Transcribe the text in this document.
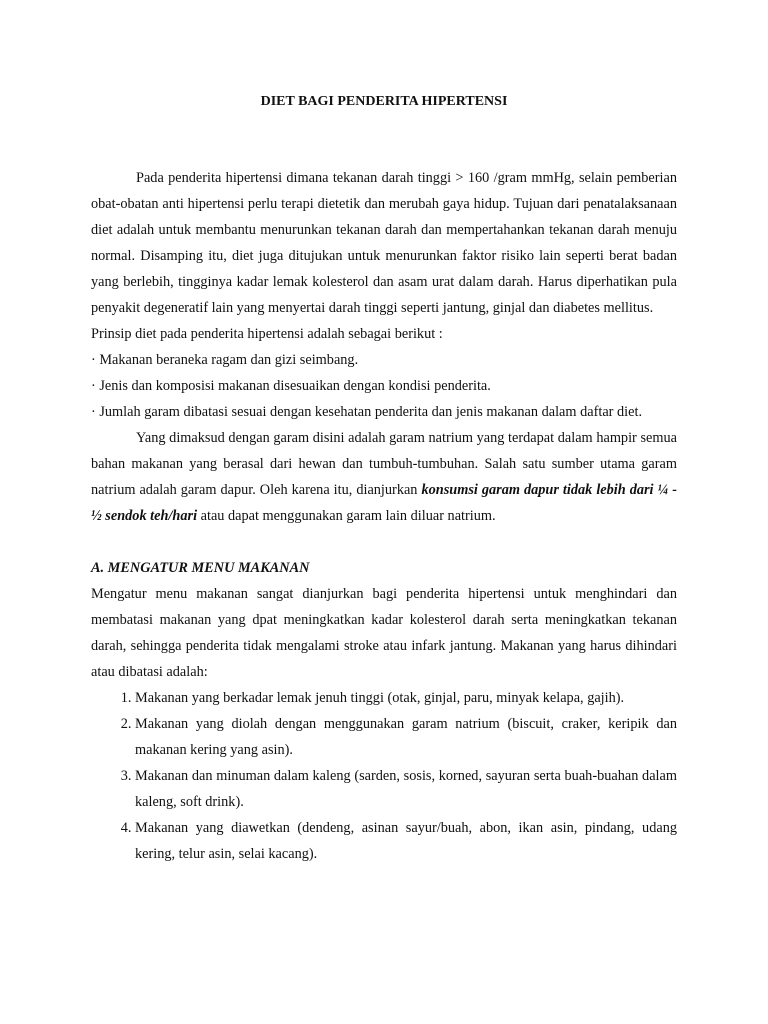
DIET BAGI PENDERITA HIPERTENSI

Pada penderita hipertensi dimana tekanan darah tinggi > 160 /gram mmHg, selain pemberian obat-obatan anti hipertensi perlu terapi dietetik dan merubah gaya hidup. Tujuan dari penatalaksanaan diet adalah untuk membantu menurunkan tekanan darah dan mempertahankan tekanan darah menuju normal. Disamping itu, diet juga ditujukan untuk menurunkan faktor risiko lain seperti berat badan yang berlebih, tingginya kadar lemak kolesterol dan asam urat dalam darah. Harus diperhatikan pula penyakit degeneratif lain yang menyertai darah tinggi seperti jantung, ginjal dan diabetes mellitus.

Prinsip diet pada penderita hipertensi adalah sebagai berikut :

· Makanan beraneka ragam dan gizi seimbang.

· Jenis dan komposisi makanan disesuaikan dengan kondisi penderita.

· Jumlah garam dibatasi sesuai dengan kesehatan penderita dan jenis makanan dalam daftar diet.

Yang dimaksud dengan garam disini adalah garam natrium yang terdapat dalam hampir semua bahan makanan yang berasal dari hewan dan tumbuh-tumbuhan. Salah satu sumber utama garam natrium adalah garam dapur. Oleh karena itu, dianjurkan konsumsi garam dapur tidak lebih dari ¼ - ½ sendok teh/hari atau dapat menggunakan garam lain diluar natrium.

A. MENGATUR MENU MAKANAN

Mengatur menu makanan sangat dianjurkan bagi penderita hipertensi untuk menghindari dan membatasi makanan yang dpat meningkatkan kadar kolesterol darah serta meningkatkan tekanan darah, sehingga penderita tidak mengalami stroke atau infark jantung. Makanan yang harus dihindari atau dibatasi adalah:

1. Makanan yang berkadar lemak jenuh tinggi (otak, ginjal, paru, minyak kelapa, gajih).
2. Makanan yang diolah dengan menggunakan garam natrium (biscuit, craker, keripik dan makanan kering yang asin).
3. Makanan dan minuman dalam kaleng (sarden, sosis, korned, sayuran serta buah-buahan dalam kaleng, soft drink).
4. Makanan yang diawetkan (dendeng, asinan sayur/buah, abon, ikan asin, pindang, udang kering, telur asin, selai kacang).
